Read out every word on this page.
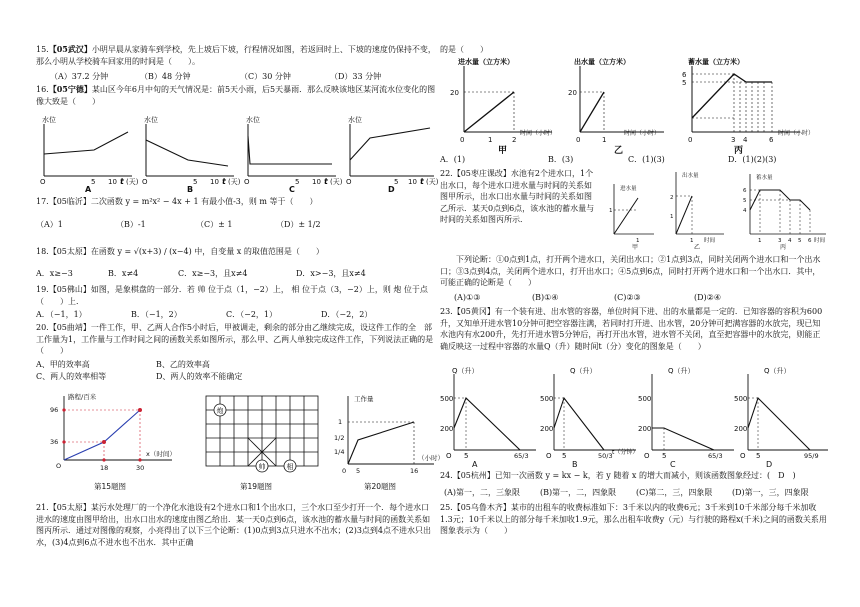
15.【05武汉】小明早晨从家骑车到学校，先上坡后下坡，行程情况如图，若返回时上、下坡的速度仍保持不变，那么小明从学校骑车回家用的时间是（　　）。

（A）37.2 分钟	（B）48 分钟	（C）30 分钟	（D）33 分钟

16.【05宁德】某山区今年6月中旬的天气情况是：前5天小雨，后5天暴雨．那么反映该地区某河流水位变化的图像大致是（　　）

水位
O	5 10 t (天)
A
水位
O	5 10 t (天)
B
水位
O	5 10 t (天)
C
水位
O	5 10 t (天)
D

17.【05临沂】二次函数 y = m²x² − 4x + 1 有最小值-3，则 m 等于（　　）

（A）1	（B）-1	（C）± 1	（D）± 1/2

18.【05太原】在函数 y = √(x+3) / (x−4) 中，自变量 x 的取值范围是（　　）

A．x≥−3	B．x≠4	C．x≥−3，且x≠4	D．x>−3，且x≠4

19.【05佛山】如图，是象棋盘的一部分．若 帅 位于点（1，−2）上， 相 位于点（3，−2）上，则 炮 位于点（　　）上．

A．（−1，1）	B．（−1，2）	C．（−2，1）	D．（−2，2）

20.【05曲靖】一件工作，甲、乙两人合作5小时后，甲被调走，剩余的部分由乙继续完成，设这件工作的全　部工作量为1，工作量与工作时间之间的函数关系如图所示，那么甲、乙两人单独完成这件工作，下列说法正确的是（　　）

A、甲的效率高	B、乙的效率高
C、两人的效率相等	D、两人的效率不能确定
路程/百米
96
36
18	30
O
x（时间）
第15题图
炮
帅	相
第19题图
工作量
1
1/2
1/4
0 5	16
（小时）
第20题图

21.【05太原】某污水处理厂的一个净化水池设有2个进水口和1个出水口，三个水口至少打开一个．每个进水口进水的速度由图甲给出，出水口出水的速度由图乙给出．某一天0点到6点，该水池的蓄水量与时间的函数关系如图丙所示．通过对图像的观察，小亮得出了以下三个论断：(1)0点到3点只进水不出水；(2)3点到4点不进水只出水，(3)4点到6点不进水也不出水．其中正确

的是（　　）

进水量（立方米）
20
0	1	2
时间（小时）
甲
出水量（立方米）
20
0	1
时间（小时）
乙
蓄水量（立方米）
6
5
0	3 4	6
时间（小时）
丙
A．(1)	B．(3)	C．(1)(3)	D．(1)(2)(3)

22.【05枣庄课改】水池有2个进水口，1个出水口，每个进水口进水量与时间的关系如图甲所示，出水口出水量与时间的关系如图乙所示．某天0点到6点，该水池的蓄水量与时间的关系如图丙所示．

进水量
1
1
甲
出水量
2
1
1 时间
乙
蓄水量
6
5
4
1	3 4 5 6 时间
丙

下列论断：①0点到1点，打开两个进水口，关闭出水口；②1点到3点，同时关闭两个进水口和一个出水口；③3点到4点，关闭两个进水口，打开出水口；④5点到6点，同时打开两个进水口和一个出水口．其中，可能正确的论断是（　　）

(A)①③	(B)①④	(C)②③	(D)②④

23.【05黄冈】有一个装有进、出水管的容器，单位时间下进、出的水量都是一定的．已知容器的容积为600升，又知单开进水管10分钟可把空容器注满，若同时打开进、出水管，20分钟可把满容器的水放完，现已知水池内有水200升，先打开进水管5分钟后，再打开出水管，进水管不关闭，直至把容器中的水放完，则能正确反映这一过程中容器的水量Q（升）随时间t（分）变化的图象是（　　）

Q（升）
500
200
O 5	65/3
A
Q（升）
500
200
O 5	50/3 t（分钟）
B
Q（升）
500
200
O 5	65/3
C
Q（升）
500
200
O 5	95/9
D

24.【05杭州】已知一次函数 y = kx − k，若 y 随着 x 的增大而减小，则该函数图象经过：(　D　)

(A)第一，二，三象限	(B)第一，二，四象限	(C)第二，三，四象限	(D)第一，三，四象限

25.【05乌鲁木齐】某市的出租车的收费标准如下：3千米以内的收费6元；3千米到10千米部分每千米加收1.3元；10千米以上的部分每千米加收1.9元，那么出租车收费y（元）与行驶的路程x(千米)之间的函数关系用图象表示为（　　）
